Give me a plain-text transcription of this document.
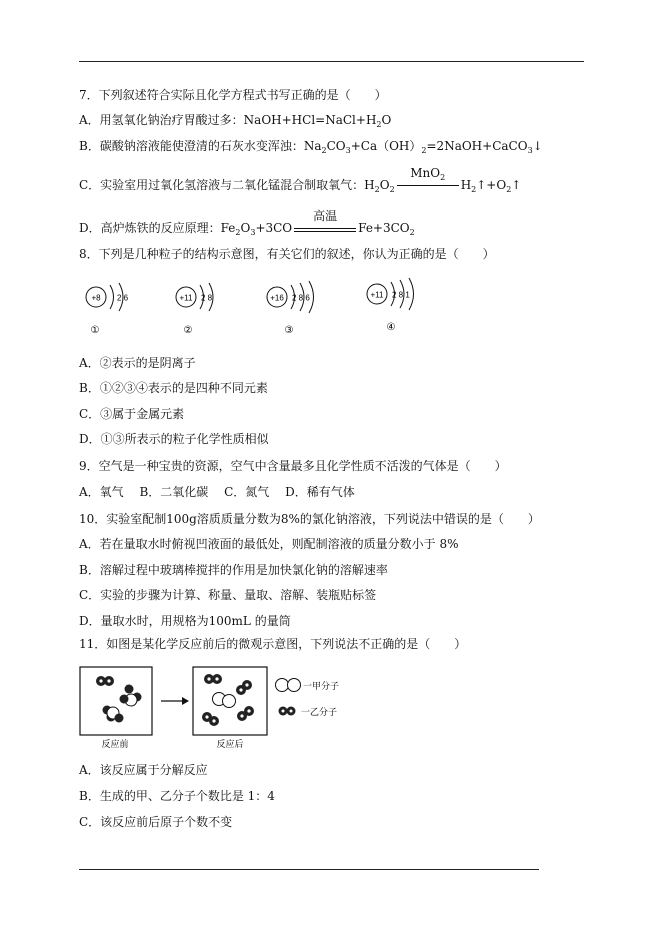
7．下列叙述符合实际且化学方程式书写正确的是（　　）
A．用氢氧化钠治疗胃酸过多：$NaOH+HCl=NaCl+H_2O$
B．碳酸钠溶液能使澄清的石灰水变浑浊：$Na_2CO_3+Ca(OH)_2=2NaOH+CaCO_3↓$
C．实验室用过氧化氢溶液与二氧化锰混合制取氧气：$H_2O_2$
MnO$_2$
$H_2↑+O_2↑$
D．高炉炼铁的反应原理：$Fe_2O_3+3CO$
高温
$Fe+3CO_2$
8．下列是几种粒子的结构示意图，有关它们的叙述，你认为正确的是（　　）
+8 2 6
①
+11 2 8
②
+16 2 8 6
③
+11 2 8 1
④
A．②表示的是阴离子
B．①②③④表示的是四种不同元素
C．③属于金属元素
D．①③所表示的粒子化学性质相似
9．空气是一种宝贵的资源，空气中含量最多且化学性质不活泼的气体是（　　）
A．氧气　 B．二氧化碳　 C．氮气　 D．稀有气体
10．实验室配制100g溶质质量分数为8%的氯化钠溶液，下列说法中错误的是（　　）
A．若在量取水时俯视凹液面的最低处，则配制溶液的质量分数小于 8%
B．溶解过程中玻璃棒搅拌的作用是加快氯化钠的溶解速率
C．实验的步骤为计算、称量、量取、溶解、装瓶贴标签
D．量取水时，用规格为100mL 的量筒
11．如图是某化学反应前后的微观示意图，下列说法不正确的是（　　）
反应前	反应后
一甲分子
一乙分子
A．该反应属于分解反应
B．生成的甲、乙分子个数比是 1：4
C．该反应前后原子个数不变
